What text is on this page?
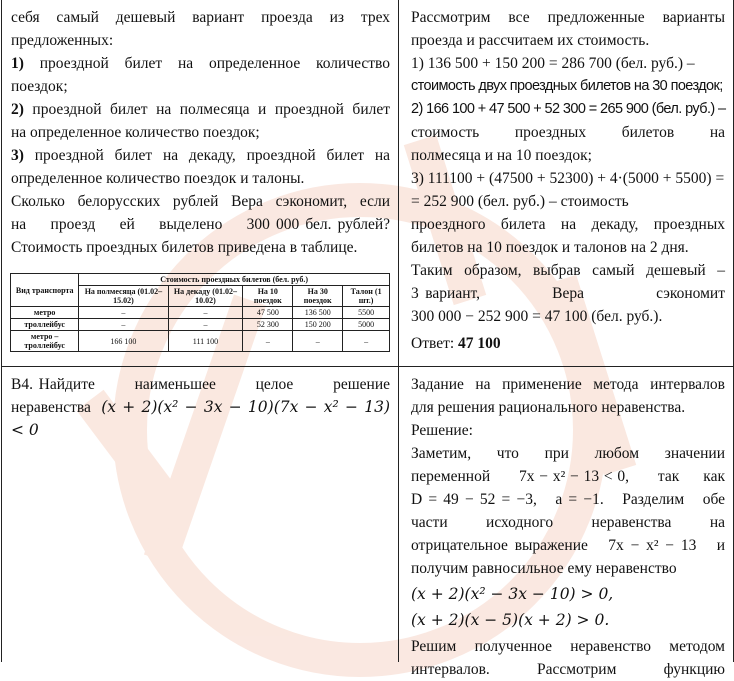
себя самый дешевый вариант проезда из трех
предложенных:
1) проездной билет на определенное количество
поездок;
2) проездной билет на полмесяца и проездной билет
на определенное количество поездок;
3) проездной билет на декаду, проездной билет на
определенное количество поездок и талоны.
Сколько белорусских рублей Вера сэкономит, если
на    проезд    ей    выделено    300 000 бел. рублей?
Стоимость проездных билетов приведена в таблице.
Вид транспорта	Стоимость проездных билетов (бел. руб.)				
	На полмесяца (01.02–15.02)	На декаду (01.02–10.02)	На 10 поездок	На 30 поездок	Талон (1 шт.)
метро	–	–	47 500	136 500	5500
троллейбус	–	–	52 300	150 200	5000
метро – троллейбус	166 100	111 100	–	–	–
Рассмотрим все предложенные варианты
проезда и рассчитаем их стоимость.
1) 136 500 + 150 200 = 286 700 (бел. руб.) –
стоимость двух проездных билетов на 30 поездок;
2) 166 100 + 47 500 + 52 300 = 265 900 (бел. руб.) –
стоимость      проездных      билетов      на
полмесяца и на 10 поездок;
3) 111100 + (47500 + 52300) + 4·(5000 + 5500) =
= 252 900 (бел. руб.) – стоимость
проездного билета на декаду, проездных
билетов на 10 поездок и талонов на 2 дня.
Таким образом, выбрав самый дешевый –
3 вариант,           Вера           сэкономит
300 000 − 252 900 = 47 100 (бел. руб.).
Ответ: 47 100
В4. Найдите       наименьшее       целое       решение
неравенства (x + 2)(x² − 3x − 10)(7x − x² − 13) < 0
Задание на применение метода интервалов
для решения рационального неравенства.
Решение:
Заметим,     что     при     любом     значении
переменной      7x − x² − 13 < 0,      так     как
D = 49 − 52 = −3,   a = −1.   Разделим   обе
части         исходного         неравенства         на
отрицательное выражение   7x − x² − 13   и
получим равносильное ему неравенство
(x + 2)(x² − 3x − 10) > 0,
(x + 2)(x − 5)(x + 2) > 0.
Решим полученное неравенство методом
интервалов.        Рассмотрим        функцию
